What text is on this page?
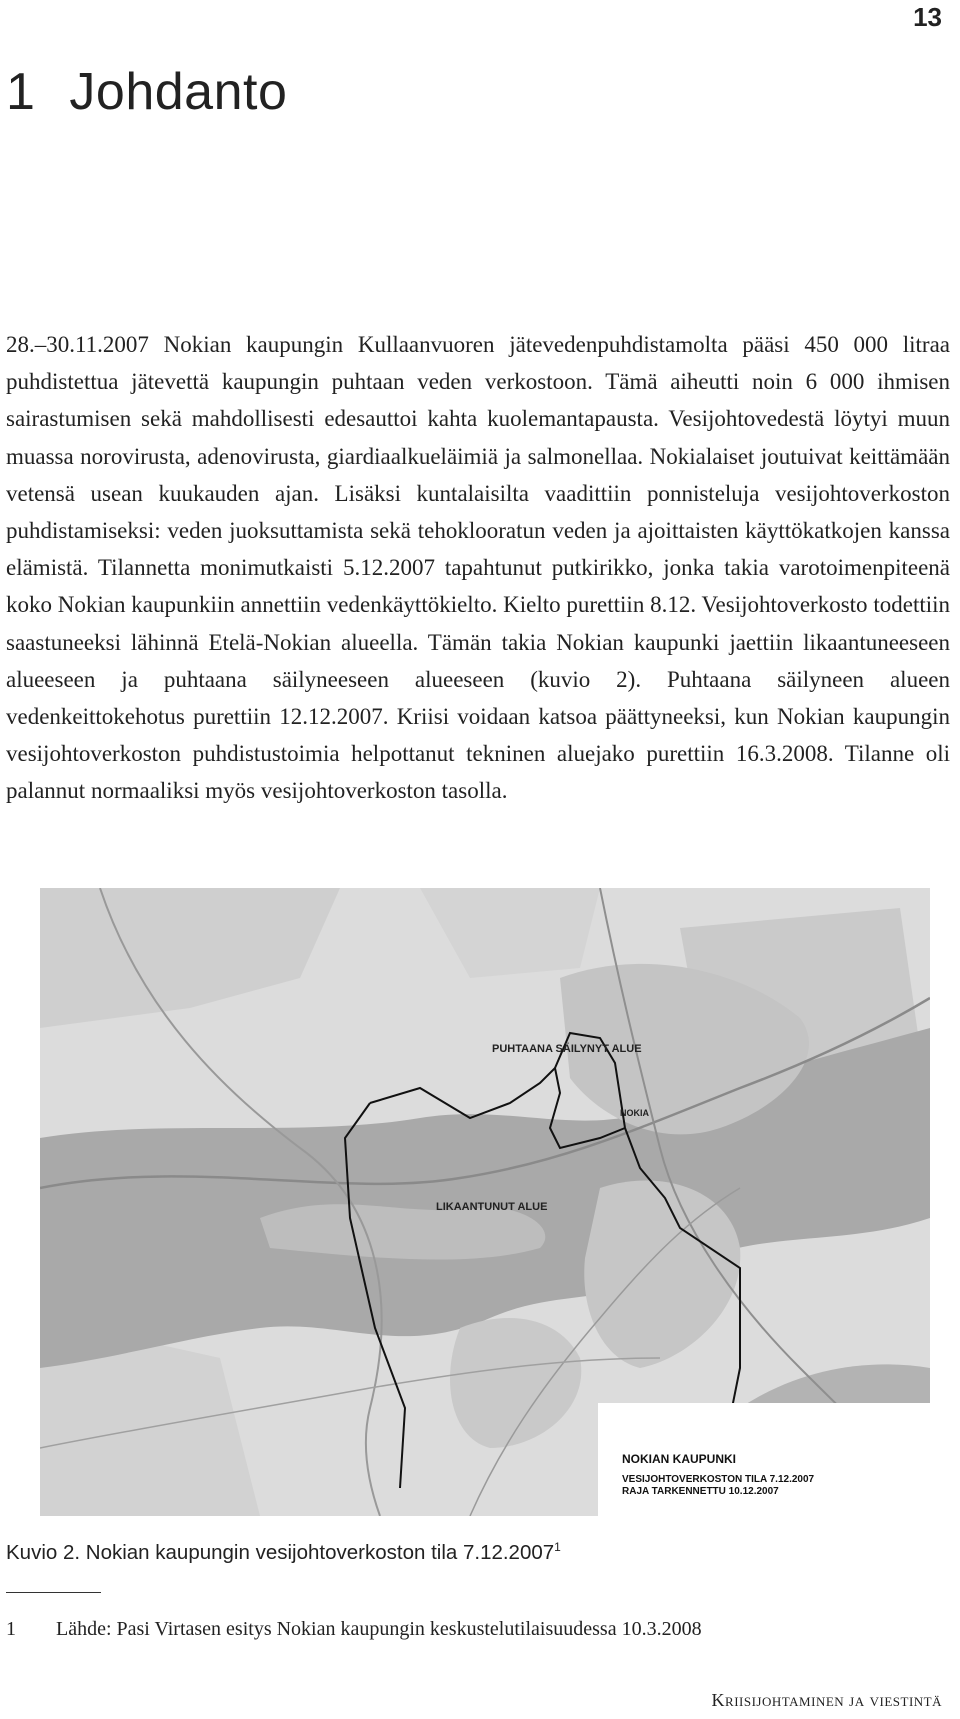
13
1 Johdanto

28.–30.11.2007 Nokian kaupungin Kullaanvuoren jätevedenpuhdistamolta pääsi 450 000 litraa puhdistettua jätevettä kaupungin puhtaan veden verkostoon. Tämä aiheutti noin 6 000 ihmisen sairastumisen sekä mahdollisesti edesauttoi kahta kuolemantapausta. Vesijohtovedestä löytyi muun muassa norovirusta, adenovirusta, giardiaalkueläimiä ja salmonellaa. Nokialaiset joutuivat keittämään vetensä usean kuukauden ajan. Lisäksi kuntalaisilta vaadittiin ponnisteluja vesijohtoverkoston puhdistamiseksi: veden juoksuttamista sekä tehoklooratun veden ja ajoittaisten käyttökatkojen kanssa elämistä. Tilannetta monimutkaisti 5.12.2007 tapahtunut putkirikko, jonka takia varotoimenpiteenä koko Nokian kaupunkiin annettiin vedenkäyttökielto. Kielto purettiin 8.12. Vesijohtoverkosto todettiin saastuneeksi lähinnä Etelä-Nokian alueella. Tämän takia Nokian kaupunki jaettiin likaantuneeseen alueeseen ja puhtaana säilyneeseen alueeseen (kuvio 2). Puhtaana säilyneen alueen vedenkeittokehotus purettiin 12.12.2007. Kriisi voidaan katsoa päättyneeksi, kun Nokian kaupungin vesijohtoverkoston puhdistustoimia helpottanut tekninen aluejako purettiin 16.3.2008. Tilanne oli palannut normaaliksi myös vesijohtoverkoston tasolla.

PUHTAANA SÄILYNYT ALUE
LIKAANTUNUT ALUE
NOKIA
NOKIAN KAUPUNKI
VESIJOHTOVERKOSTON TILA 7.12.2007
RAJA TARKENNETTU 10.12.2007

Kuvio 2. Nokian kaupungin vesijohtoverkoston tila 7.12.2007$^1$

1 Lähde: Pasi Virtasen esitys Nokian kaupungin keskustelutilaisuudessa 10.3.2008
Kriisijohtaminen ja viestintä
